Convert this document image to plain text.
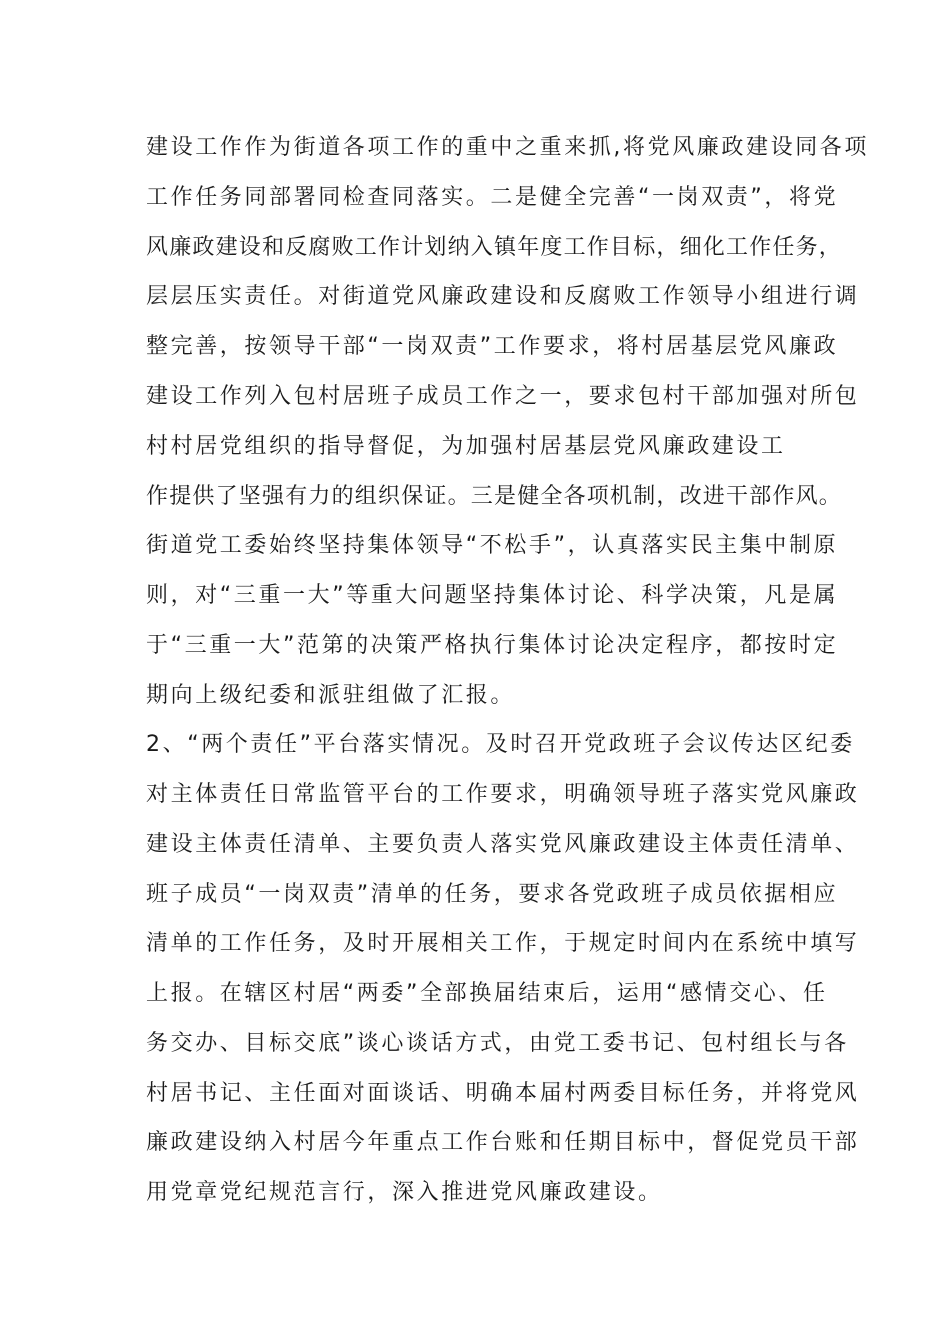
建设工作作为街道各项工作的重中之重来抓,将党风廉政建设同各项
工作任务同部署同检查同落实。二是健全完善“一岗双责”，将党
风廉政建设和反腐败工作计划纳入镇年度工作目标，细化工作任务，
层层压实责任。对街道党风廉政建设和反腐败工作领导小组进行调
整完善，按领导干部“一岗双责”工作要求，将村居基层党风廉政
建设工作列入包村居班子成员工作之一，要求包村干部加强对所包
村村居党组织的指导督促，为加强村居基层党风廉政建设工
作提供了坚强有力的组织保证。三是健全各项机制，改进干部作风。
街道党工委始终坚持集体领导“不松手”，认真落实民主集中制原
则，对“三重一大”等重大问题坚持集体讨论、科学决策，凡是属
于“三重一大”范第的决策严格执行集体讨论决定程序，都按时定
期向上级纪委和派驻组做了汇报。
2、“两个责任”平台落实情况。及时召开党政班子会议传达区纪委
对主体责任日常监管平台的工作要求，明确领导班子落实党风廉政
建设主体责任清单、主要负责人落实党风廉政建设主体责任清单、
班子成员“一岗双责”清单的任务，要求各党政班子成员依据相应
清单的工作任务，及时开展相关工作，于规定时间内在系统中填写
上报。在辖区村居“两委”全部换届结束后，运用“感情交心、任
务交办、目标交底”谈心谈话方式，由党工委书记、包村组长与各
村居书记、主任面对面谈话、明确本届村两委目标任务，并将党风
廉政建设纳入村居今年重点工作台账和任期目标中，督促党员干部
用党章党纪规范言行，深入推进党风廉政建设。
